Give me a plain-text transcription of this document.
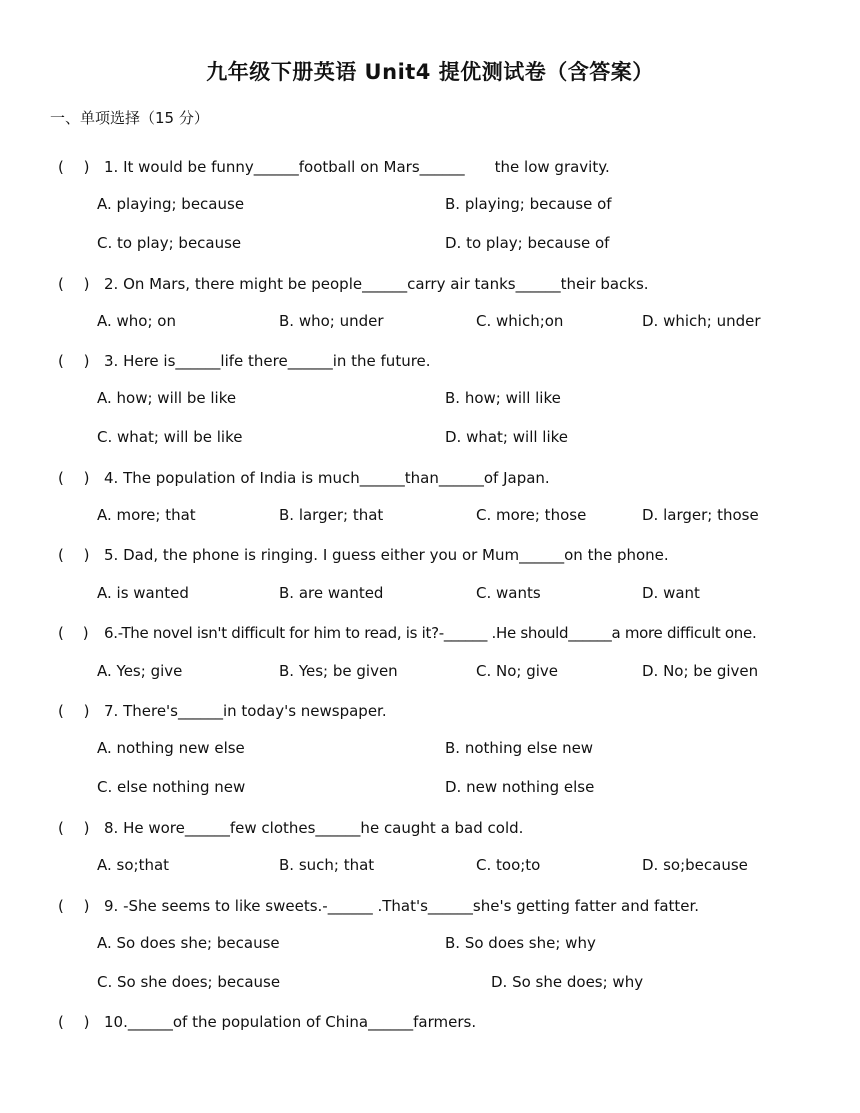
九年级下册英语 Unit4 提优测试卷（含答案）
一、单项选择（15 分）
(　 ) 1. It would be funny______football on Mars______　　the low gravity.
A. playing; because	B. playing; because of
C. to play; because	D. to play; because of
(　 ) 2. On Mars, there might be people______carry air tanks______their backs.
A. who; on	B. who; under	C. which;on	D. which; under
(　 ) 3. Here is______life there______in the future.
A. how; will be like	B. how; will like
C. what; will be like	D. what; will like
(　 ) 4. The population of India is much______than______of Japan.
A. more; that	B. larger; that	C. more; those	D. larger; those
(　 ) 5. Dad, the phone is ringing. I guess either you or Mum______on the phone.
A. is wanted	B. are wanted	C. wants	D. want
(　 ) 6.-The novel isn't difficult for him to read, is it?-______ .He should______a more difficult one.
A. Yes; give	B. Yes; be given	C. No; give	D. No; be given
(　 ) 7. There's______in today's newspaper.
A. nothing new else	B. nothing else new
C. else nothing new	D. new nothing else
(　 ) 8. He wore______few clothes______he caught a bad cold.
A. so;that	B. such; that	C. too;to	D. so;because
(　 ) 9. -She seems to like sweets.-______ .That's______she's getting fatter and fatter.
A. So does she; because	B. So does she; why
C. So she does; because	D. So she does; why
(　 ) 10.______of the population of China______farmers.
